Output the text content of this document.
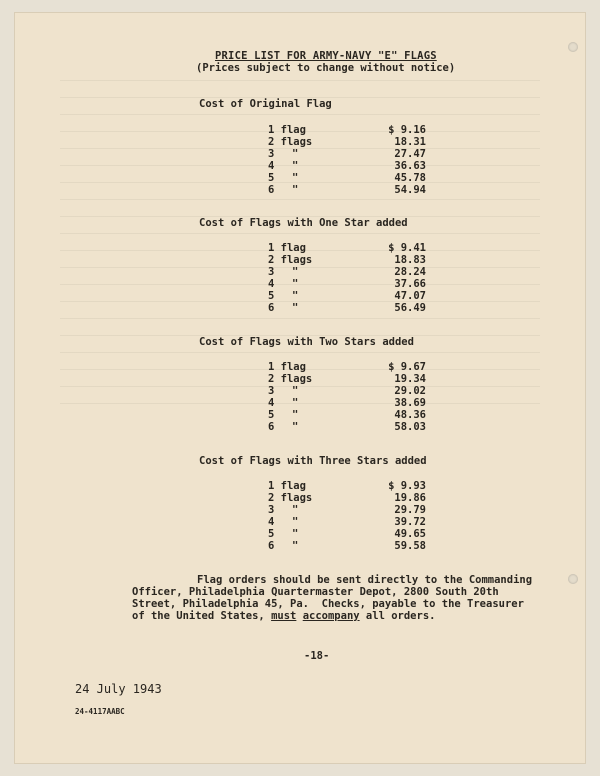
PRICE LIST FOR ARMY-NAVY "E" FLAGS
(Prices subject to change without notice)
Cost of Original Flag
1 flag	$ 9.16
2 flags	18.31
3 "	27.47
4 "	36.63
5 "	45.78
6 "	54.94
Cost of Flags with One Star added
1 flag	$ 9.41
2 flags	18.83
3 "	28.24
4 "	37.66
5 "	47.07
6 "	56.49
Cost of Flags with Two Stars added
1 flag	$ 9.67
2 flags	19.34
3 "	29.02
4 "	38.69
5 "	48.36
6 "	58.03
Cost of Flags with Three Stars added
1 flag	$ 9.93
2 flags	19.86
3 "	29.79
4 "	39.72
5 "	49.65
6 "	59.58
Flag orders should be sent directly to the Commanding
Officer, Philadelphia Quartermaster Depot, 2800 South 20th
Street, Philadelphia 45, Pa.  Checks, payable to the Treasurer
of the United States, must accompany all orders.
-18-
24 July 1943
24-4117AABC
